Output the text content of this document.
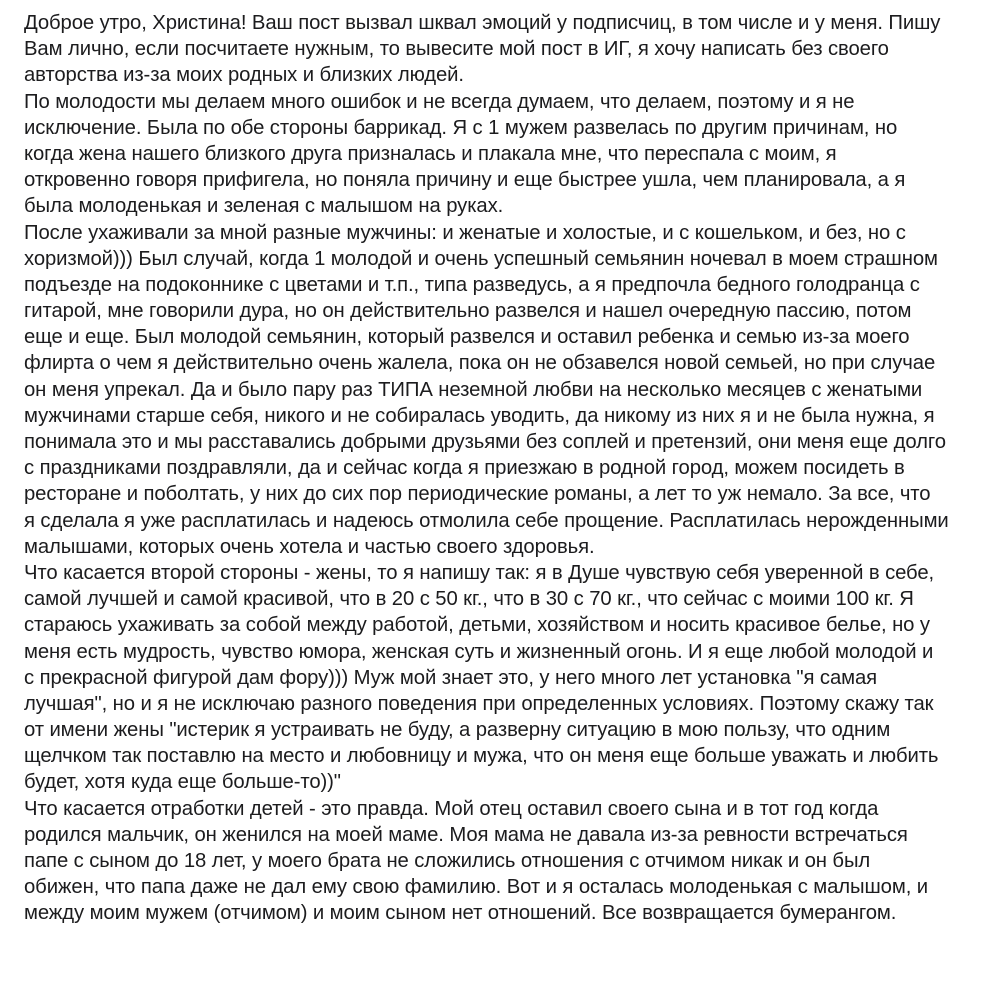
Доброе утро, Христина! Ваш пост вызвал шквал эмоций у подписчиц, в том числе и у меня. Пишу
Вам лично, если посчитаете нужным, то вывесите мой пост в ИГ, я хочу написать без своего
авторства из-за моих родных и близких людей.
По молодости мы делаем много ошибок и не всегда думаем, что делаем, поэтому и я не
исключение. Была по обе стороны баррикад. Я с 1 мужем развелась по другим причинам, но
когда жена нашего близкого друга призналась и плакала мне, что переспала с моим, я
откровенно говоря прифигела, но поняла причину и еще быстрее ушла, чем планировала, а я
была молоденькая и зеленая с малышом на руках.
После ухаживали за мной разные мужчины: и женатые и холостые, и с кошельком, и без, но с
хоризмой))) Был случай, когда 1 молодой и очень успешный семьянин ночевал в моем страшном
подъезде на подоконнике с цветами и т.п., типа разведусь, а я предпочла бедного голодранца с
гитарой, мне говорили дура, но он действительно развелся и нашел очередную пассию, потом
еще и еще. Был молодой семьянин, который развелся и оставил ребенка и семью из-за моего
флирта о чем я действительно очень жалела, пока он не обзавелся новой семьей, но при случае
он меня упрекал. Да и было пару раз ТИПА неземной любви на несколько месяцев с женатыми
мужчинами старше себя, никого и не собиралась уводить, да никому из них я и не была нужна, я
понимала это и мы расставались добрыми друзьями без соплей и претензий, они меня еще долго
с праздниками поздравляли, да и сейчас когда я приезжаю в родной город, можем посидеть в
ресторане и поболтать, у них до сих пор периодические романы, а лет то уж немало. За все, что
я сделала я уже расплатилась и надеюсь отмолила себе прощение. Расплатилась нерожденными
малышами, которых очень хотела и частью своего здоровья.
Что касается второй стороны - жены, то я напишу так: я в Душе чувствую себя уверенной в себе,
самой лучшей и самой красивой, что в 20 с 50 кг., что в 30 с 70 кг., что сейчас с моими 100 кг. Я
стараюсь ухаживать за собой между работой, детьми, хозяйством и носить красивое белье, но у
меня есть мудрость, чувство юмора, женская суть и жизненный огонь. И я еще любой молодой и
с прекрасной фигурой дам фору))) Муж мой знает это, у него много лет установка "я самая
лучшая", но и я не исключаю разного поведения при определенных условиях. Поэтому скажу так
от имени жены "истерик я устраивать не буду, а разверну ситуацию в мою пользу, что одним
щелчком так поставлю на место и любовницу и мужа, что он меня еще больше уважать и любить
будет, хотя куда еще больше-то))"
Что касается отработки детей - это правда. Мой отец оставил своего сына и в тот год когда
родился мальчик, он женился на моей маме. Моя мама не давала из-за ревности встречаться
папе с сыном до 18 лет, у моего брата не сложились отношения с отчимом никак и он был
обижен, что папа даже не дал ему свою фамилию. Вот и я осталась молоденькая с малышом, и
между моим мужем (отчимом) и моим сыном нет отношений. Все возвращается бумерангом.
